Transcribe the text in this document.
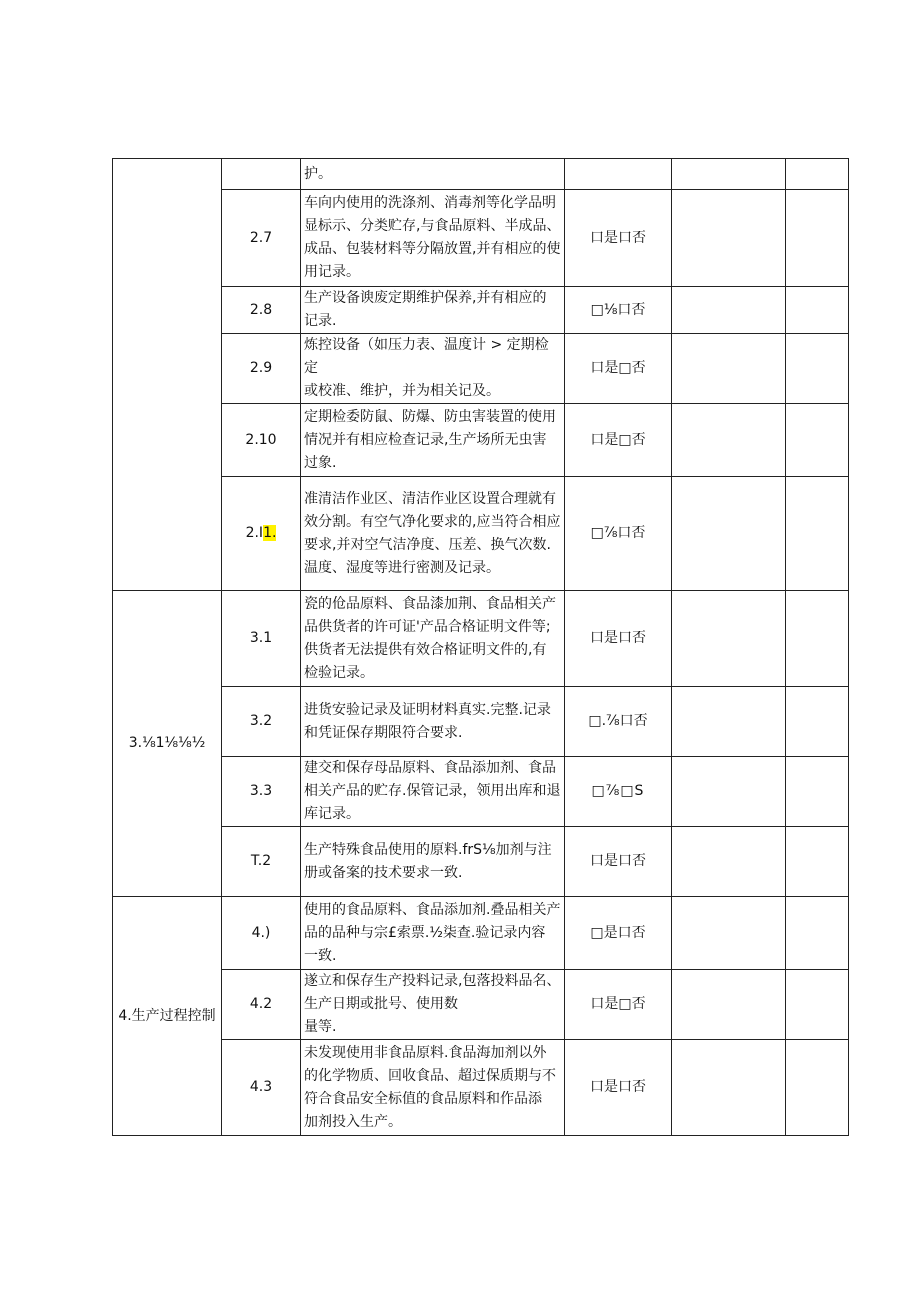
		护。			
	2.7	车向内使用的洗涤剂、消毒剂等化学品明
显标示、分类贮存,与食品原料、半成品、
成品、包装材料等分隔放置,并有相应的使
用记录。	口是口否		
	2.8	生产设备谀废定期维护保养,并有相应的
记录.	□⅛口否		
	2.9	炼控设备（如压力表、温度计 > 定期检定
或校准、维护，并为相关记及。	口是□否		
	2.10	定期检委防鼠、防爆、防虫害装置的使用
情况并有相应检查记录,生产场所无虫害
过象.	口是□否		
	2.I1.	准清洁作业区、清洁作业区设置合理就有
效分割。有空气净化要求的,应当符合相应
要求,并对空气洁净度、压差、换气次数.
温度、湿度等进行密测及记录。	□⅞口否		
3.⅛1⅛⅛½	3.1	瓷的伧品原料、食品漆加荆、食品相关产
品供货者的许可证'产品合格证明文件等;
供货者无法提供有效合格证明文件的,有
检验记录。	口是口否		
	3.2	进货安验记录及证明材料真实.完整.记录
和凭证保存期限符合要求.	□.⅞口否		
	3.3	建交和保存母品原料、食品添加剂、食品
相关产品的贮存.保管记录，领用出库和退
库记录。	□⅞□S		
	T.2	生产特殊食品使用的原料.frS⅛加剂与注
册或备案的技术要求一致.	口是口否		
4.生产过程控制	4.)	使用的食品原料、食品添加剂.叠品相关产
品的品种与宗£索票.½柒查.验记录内容
一致.	□是口否		
	4.2	遂立和保存生产投料记录,包落投料品名、
生产日期或批号、使用数
量等.	口是□否		
	4.3	未发现使用非食品原料.食品海加剂以外
的化学物质、回收食品、超过保质期与不
符合食品安全标值的食品原料和作品添
加剂投入生产。	口是口否		
